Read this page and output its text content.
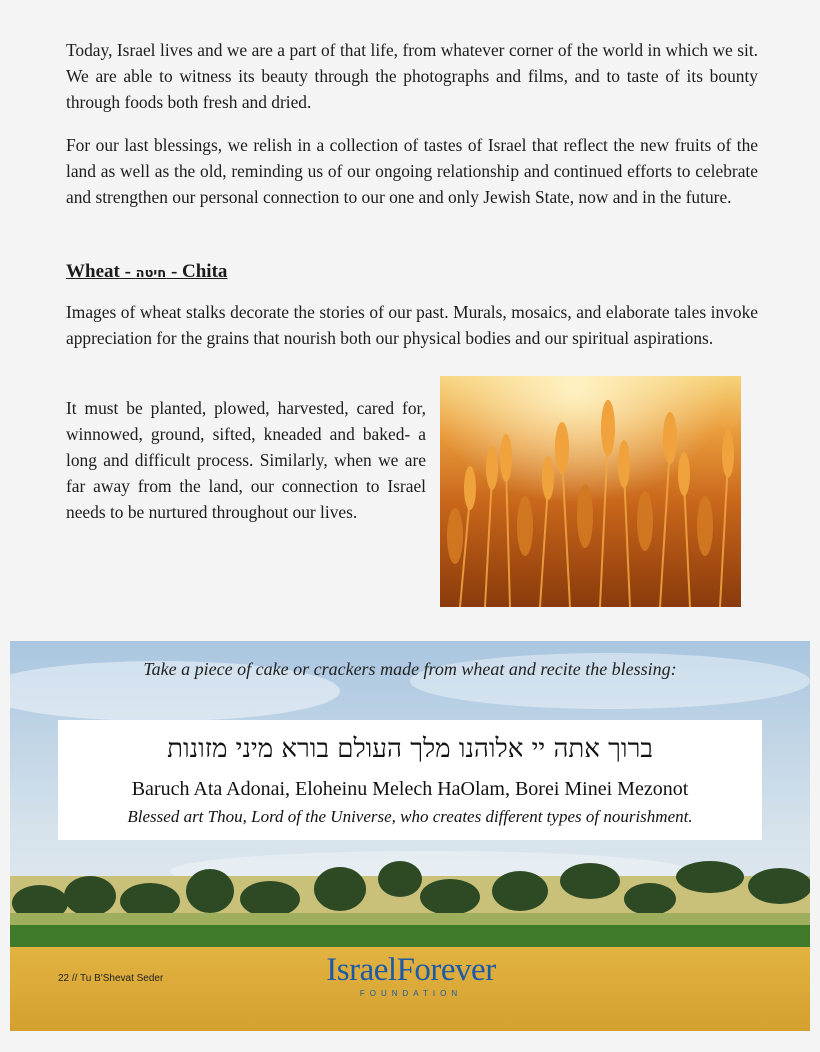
Today, Israel lives and we are a part of that life, from whatever corner of the world in which we sit. We are able to witness its beauty through the photographs and films, and to taste of its bounty through foods both fresh and dried.

For our last blessings, we relish in a collection of tastes of Israel that reflect the new fruits of the land as well as the old, reminding us of our ongoing relationship and continued efforts to celebrate and strengthen our personal connection to our one and only Jewish State, now and in the future.

Wheat - חיטה - Chita

Images of wheat stalks decorate the stories of our past. Murals, mosaics, and elaborate tales invoke appreciation for the grains that nourish both our physical bodies and our spiritual aspirations.

It must be planted, plowed, harvested, cared for, winnowed, ground, sifted, kneaded and baked- a long and difficult process. Similarly, when we are far away from the land, our connection to Israel needs to be nurtured throughout our lives.

Take a piece of cake or crackers made from wheat and recite the blessing:
ברוך אתה יי אלוהנו מלך העולם בורא מיני מזונות
Baruch Ata Adonai, Eloheinu Melech HaOlam, Borei Minei Mezonot
Blessed art Thou, Lord of the Universe, who creates different types of nourishment.
22 // Tu B'Shevat Seder	IsraelForever
FOUNDATION
